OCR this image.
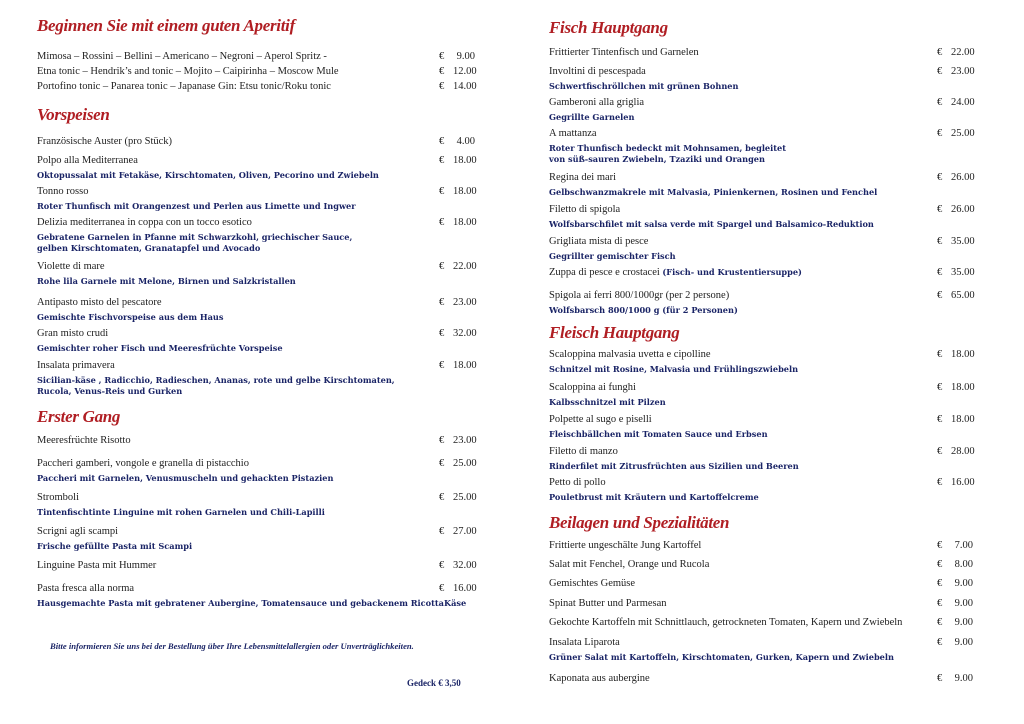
Beginnen Sie mit einem guten Aperitif
Mimosa – Rossini – Bellini – Americano – Negroni – Aperol Spritz -	€ 9.00
Etna tonic – Hendrik’s and tonic – Mojito – Caipirinha – Moscow Mule	€ 12.00
Portofino tonic – Panarea tonic – Japanase Gin: Etsu tonic/Roku tonic	€ 14.00
Vorspeisen
Französische Auster (pro Stück)	€ 4.00
Polpo alla Mediterranea	€ 18.00
Oktopussalat mit Fetakäse, Kirschtomaten, Oliven, Pecorino und Zwiebeln
Tonno rosso	€ 18.00
Roter Thunfisch mit Orangenzest und Perlen aus Limette und Ingwer
Delizia mediterranea in coppa con un tocco esotico	€ 18.00
Gebratene Garnelen in Pfanne mit Schwarzkohl, griechischer Sauce,
gelben Kirschtomaten, Granatapfel und Avocado
Violette di mare	€ 22.00
Rohe lila Garnele mit Melone, Birnen und Salzkristallen
Antipasto misto del pescatore	€ 23.00
Gemischte Fischvorspeise aus dem Haus
Gran misto crudi	€ 32.00
Gemischter roher Fisch und Meeresfrüchte Vorspeise
Insalata primavera	€ 18.00
Sicilian-käse , Radicchio, Radieschen, Ananas, rote und gelbe Kirschtomaten,
Rucola, Venus-Reis und Gurken
Erster Gang
Meeresfrüchte Risotto	€ 23.00
Paccheri gamberi, vongole e granella di pistacchio	€ 25.00
Paccheri mit Garnelen, Venusmuscheln und gehackten Pistazien
Stromboli	€ 25.00
Tintenfischtinte Linguine mit rohen Garnelen und Chili-Lapilli
Scrigni agli scampi	€ 27.00
Frische gefüllte Pasta mit Scampi
Linguine Pasta mit Hummer	€ 32.00
Pasta fresca alla norma	€ 16.00
Hausgemachte Pasta mit gebratener Aubergine, Tomatensauce und gebackenem RicottaKäse
Fisch Hauptgang
Frittierter Tintenfisch und Garnelen	€ 22.00
Involtini di pescespada	€ 23.00
Schwertfischröllchen mit grünen Bohnen
Gamberoni alla griglia	€ 24.00
Gegrillte Garnelen
A mattanza	€ 25.00
Roter Thunfisch bedeckt mit Mohnsamen, begleitet
von süß-sauren Zwiebeln, Tzaziki und Orangen
Regina dei mari	€ 26.00
Gelbschwanzmakrele mit Malvasia, Pinienkernen, Rosinen und Fenchel
Filetto di spigola	€ 26.00
Wolfsbarschfilet mit salsa verde mit Spargel und Balsamico-Reduktion
Grigliata mista di pesce	€ 35.00
Gegrillter gemischter Fisch
Zuppa di pesce e crostacei (Fisch- und Krustentiersuppe)	€ 35.00
Spigola ai ferri 800/1000gr (per 2 persone)	€ 65.00
Wolfsbarsch 800/1000 g (für 2 Personen)
Fleisch Hauptgang
Scaloppina malvasia uvetta e cipolline	€ 18.00
Schnitzel mit Rosine, Malvasia und Frühlingszwiebeln
Scaloppina ai funghi	€ 18.00
Kalbsschnitzel mit Pilzen
Polpette al sugo e piselli	€ 18.00
Fleischbällchen mit Tomaten Sauce und Erbsen
Filetto di manzo	€ 28.00
Rinderfilet mit Zitrusfrüchten aus Sizilien und Beeren
Petto di pollo	€ 16.00
Pouletbrust mit Kräutern und Kartoffelcreme
Beilagen und Spezialitäten
Frittierte ungeschälte Jung Kartoffel	€ 7.00
Salat mit Fenchel, Orange und Rucola	€ 8.00
Gemischtes Gemüse	€ 9.00
Spinat Butter und Parmesan	€ 9.00
Gekochte Kartoffeln mit Schnittlauch, getrockneten Tomaten, Kapern und Zwiebeln	€ 9.00
Insalata Liparota	€ 9.00
Grüner Salat mit Kartoffeln, Kirschtomaten, Gurken, Kapern und Zwiebeln
Kaponata aus aubergine	€ 9.00
Bitte informieren Sie uns bei der Bestellung über Ihre Lebensmittelallergien oder Unverträglichkeiten.
Gedeck € 3,50
